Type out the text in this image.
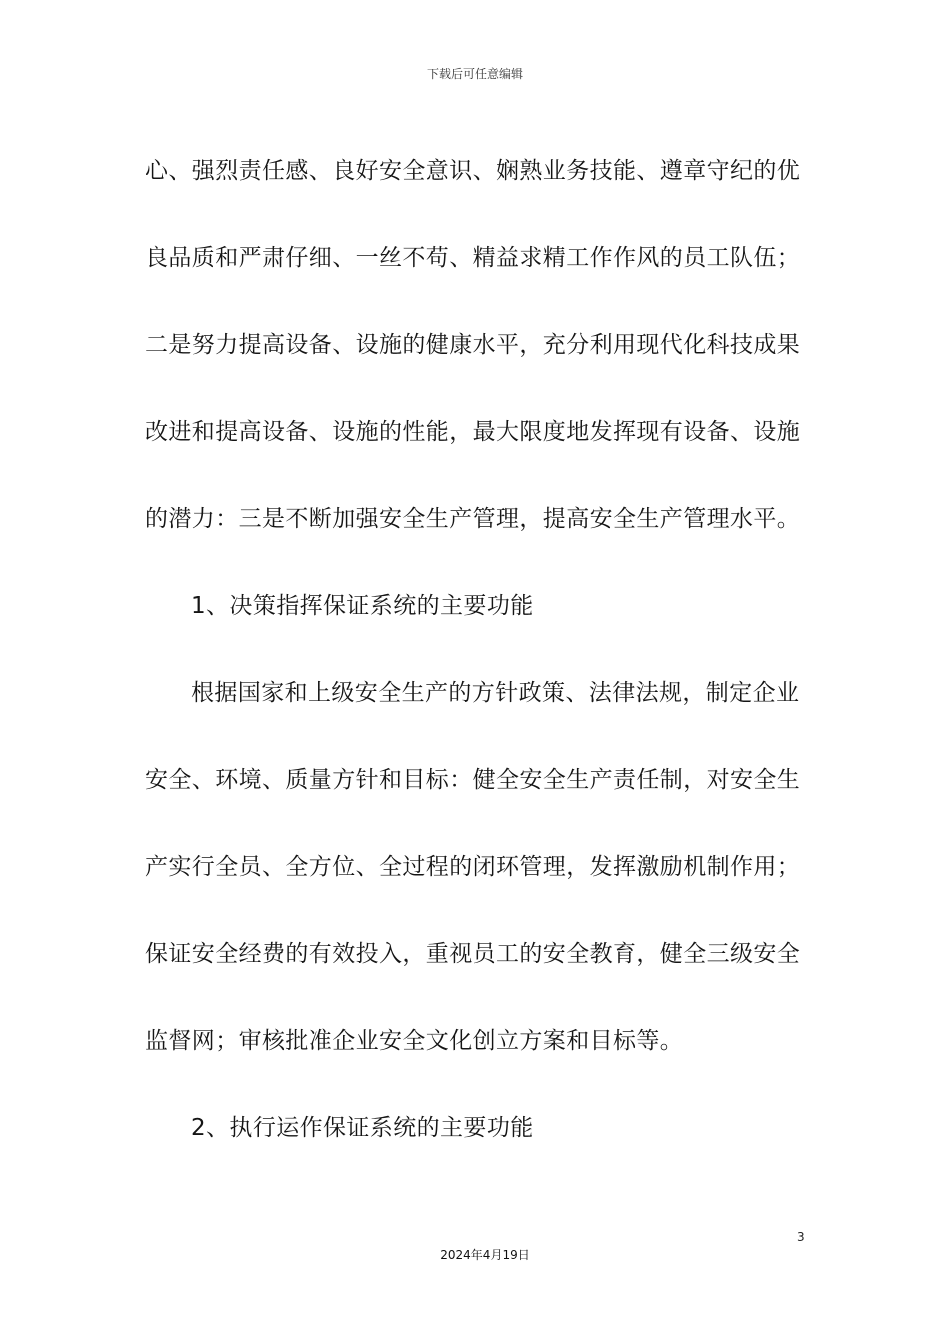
下载后可任意编辑
心、强烈责任感、良好安全意识、娴熟业务技能、遵章守纪的优
良品质和严肃仔细、一丝不苟、精益求精工作作风的员工队伍；
二是努力提高设备、设施的健康水平，充分利用现代化科技成果
改进和提高设备、设施的性能，最大限度地发挥现有设备、设施
的潜力：三是不断加强安全生产管理，提高安全生产管理水平。
1、决策指挥保证系统的主要功能
根据国家和上级安全生产的方针政策、法律法规，制定企业
安全、环境、质量方针和目标：健全安全生产责任制，对安全生
产实行全员、全方位、全过程的闭环管理，发挥激励机制作用；
保证安全经费的有效投入，重视员工的安全教育，健全三级安全
监督网；审核批准企业安全文化创立方案和目标等。
2、执行运作保证系统的主要功能
3
2024年4月19日
